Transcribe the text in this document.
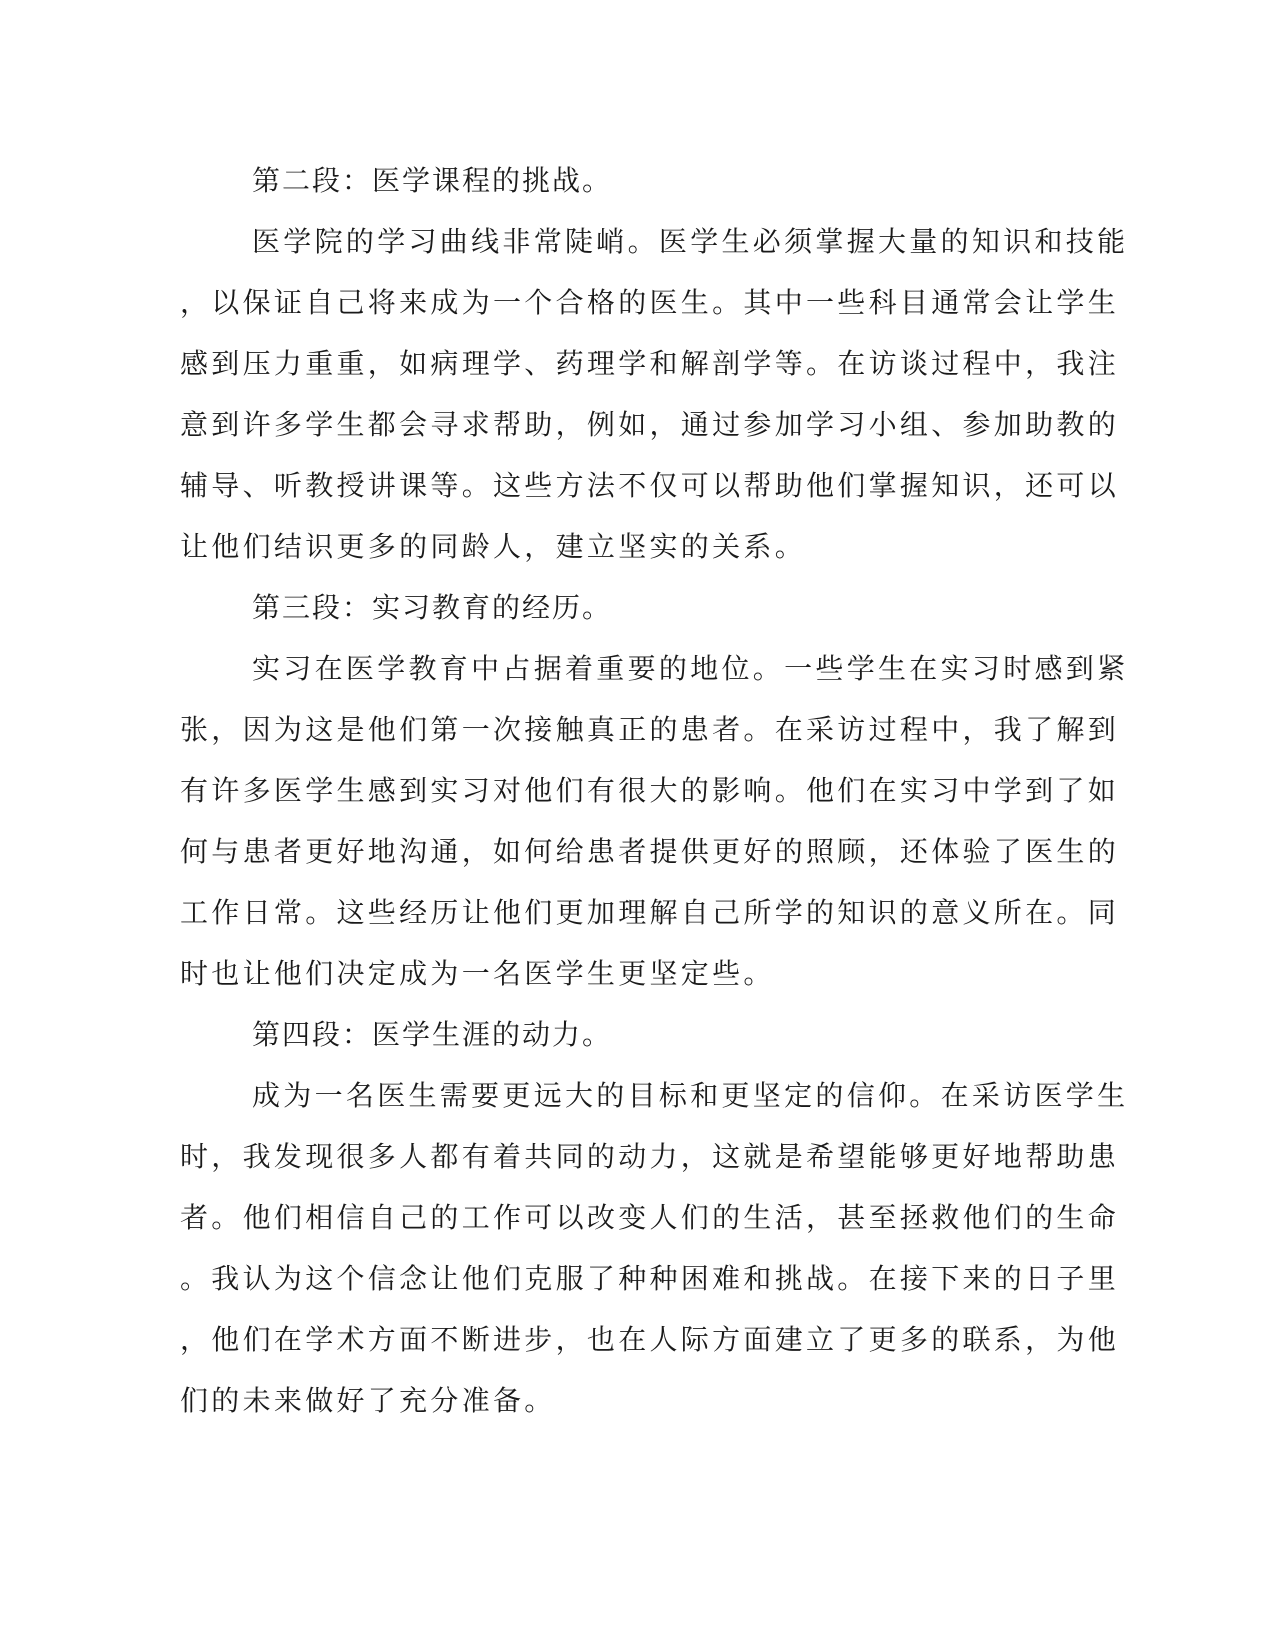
第二段：医学课程的挑战。
医学院的学习曲线非常陡峭。医学生必须掌握大量的知识和技能
，以保证自己将来成为一个合格的医生。其中一些科目通常会让学生
感到压力重重，如病理学、药理学和解剖学等。在访谈过程中，我注
意到许多学生都会寻求帮助，例如，通过参加学习小组、参加助教的
辅导、听教授讲课等。这些方法不仅可以帮助他们掌握知识，还可以
让他们结识更多的同龄人，建立坚实的关系。
第三段：实习教育的经历。
实习在医学教育中占据着重要的地位。一些学生在实习时感到紧
张，因为这是他们第一次接触真正的患者。在采访过程中，我了解到
有许多医学生感到实习对他们有很大的影响。他们在实习中学到了如
何与患者更好地沟通，如何给患者提供更好的照顾，还体验了医生的
工作日常。这些经历让他们更加理解自己所学的知识的意义所在。同
时也让他们决定成为一名医学生更坚定些。
第四段：医学生涯的动力。
成为一名医生需要更远大的目标和更坚定的信仰。在采访医学生
时，我发现很多人都有着共同的动力，这就是希望能够更好地帮助患
者。他们相信自己的工作可以改变人们的生活，甚至拯救他们的生命
。我认为这个信念让他们克服了种种困难和挑战。在接下来的日子里
，他们在学术方面不断进步，也在人际方面建立了更多的联系，为他
们的未来做好了充分准备。
